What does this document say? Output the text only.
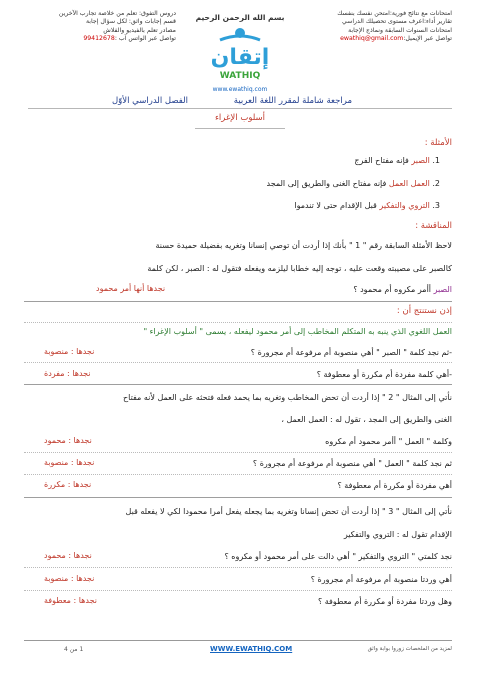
امتحانات مع نتائج فورية:امتحن نفسك بنفسك
تقارير أداء:اعرف مستوى تحصيلك الدراسي
امتحانات السنوات السابقة ونماذج الإجابة
تواصل عبر الإيميل:ewathiq@gmail.com
دروس التفوق: تعلم من خلاصة تجارب الآخرين
قسم إجابات واثق: لكل سؤال إجابة
مصادر تعلم بالفيديو والفلاش
تواصل عبر الواتس آب :99412678
بسم الله الرحمن الرحيم
إتقان
WATHIQ
www.ewathiq.com
مراجعة شاملة لمقرر اللغة العربية
الفصل الدراسي الأوّل
أسلوب الإغراء
الأمثلة :
1. الصبر فإنه مفتاح الفرج
2. العمل العمل فإنه مفتاح الغنى والطريق إلى المجد
3. التروي والتفكير قبل الإقدام حتى لا تندموا
المناقشة :
لاحظ الأمثلة السابقة رقم " 1 " بأنك إذا أردت أن توصي إنسانا وتغريه بفضيلة حميدة حسنة
كالصبر على مصيبته وقعت عليه ، توجه إليه خطابا ليلزمه ويفعله فتقول له : الصبر ، لكن كلمة
الصبر أأمر مكروه أم محمود ؟
نجدها أنها أمر محمود
إذن نستنتج أن :
العمل اللغوي الذي ينبه به المتكلم المخاطب إلى أمر محمود ليفعله ، يسمى " أسلوب الإغراء "
-ثم نجد كلمة " الصبر " أهي منصوبة أم مرفوعة أم مجرورة ؟
نجدها : منصوبة
-أهي كلمة مفردة أم مكررة أو معطوفة ؟
نجدها : مفردة
نأتي إلى المثال " 2 " إذا أردت أن تحض المخاطب وتغريه بما يحمد فعله فتحثه على العمل لأنه مفتاح
الغنى والطريق إلى المجد ، تقول له : العمل العمل ،
وكلمة " العمل " أأمر محمود أم مكروه
نجدها : محمود
ثم نجد كلمة " العمل " أهي منصوبة أم مرفوعة أم مجرورة ؟
نجدها : منصوبة
أهي مفردة أو مكررة أم معطوفة ؟
نجدها : مكررة
نأتي إلى المثال " 3 " إذا أردت أن تحض إنسانا وتغريه بما يجعله يفعل أمرا محمودا لكي لا يفعله قبل
الإقدام تقول له : التروي والتفكير
نجد كلمتي " التروي والتفكير " أهي دالت على أمر محمود أو مكروه ؟
نجدها : محمود
أهي وردتا منصوبة أم مرفوعة أم مجرورة ؟
نجدها : منصوبة
وهل وردتا مفردة أو مكررة أم معطوفة ؟
نجدها : معطوفة
لمزيد من الملخصات زوروا بوابة واثق
WWW.EWATHIQ.COM
1 من 4
